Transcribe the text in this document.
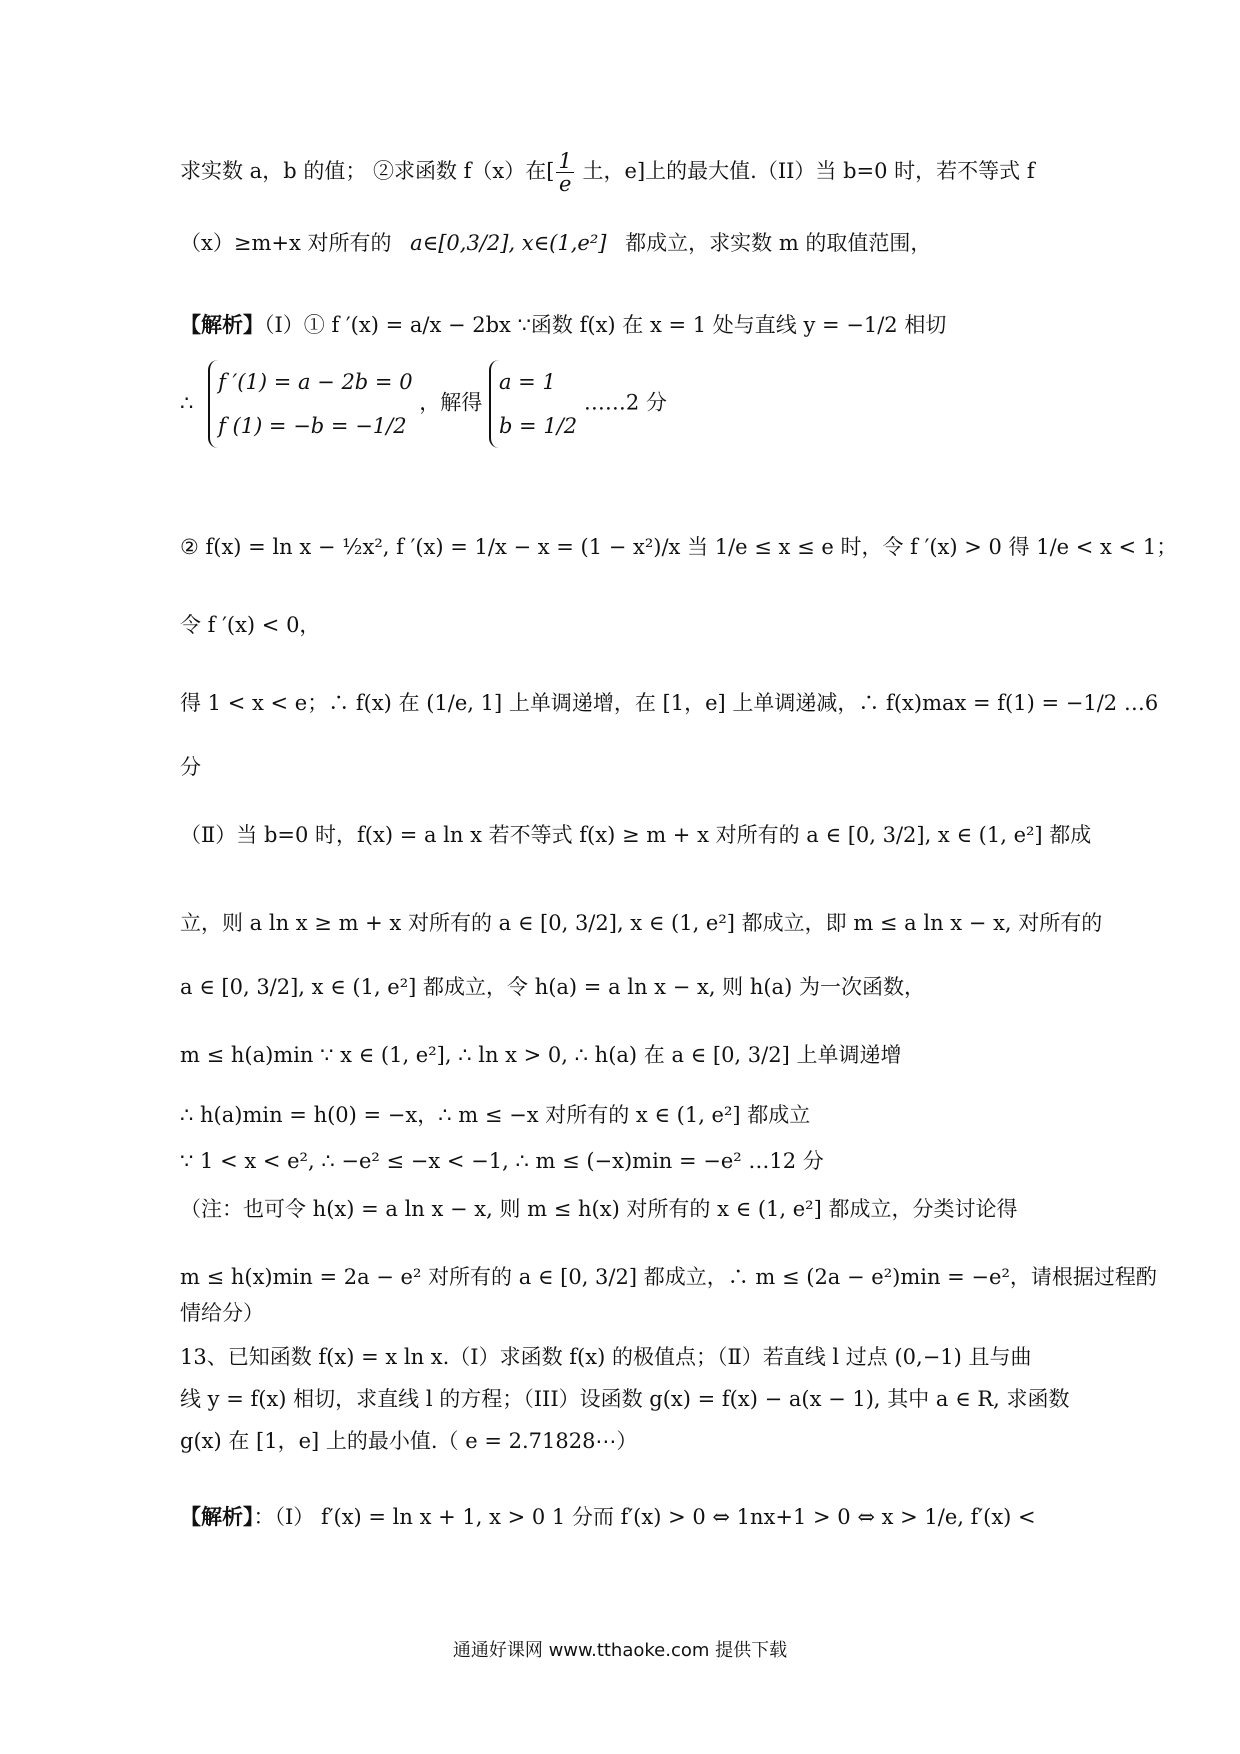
求实数 a，b 的值； ②求函数 f（x）在[ $\frac{1}{e}$ 土，e]上的最大值.（II）当 b=0 时，若不等式 f
（x）≥m+x 对所有的 a∈[0,3/2], x∈(1,e²] 都成立，求实数 m 的取值范围，
【解析】（Ⅰ）① f ′(x) = a/x − 2bx ∵函数 f(x) 在 x = 1 处与直线 y = −1/2 相切
∴
f ′(1) = a − 2b = 0
f (1) = −b = −1/2
，解得
a = 1
b = 1/2
……2 分
② f(x) = ln x − ½x², f ′(x) = 1/x − x = (1 − x²)/x 当 1/e ≤ x ≤ e 时，令 f ′(x) > 0 得 1/e < x < 1；
令 f ′(x) < 0，
得 1 < x < e；∴ f(x) 在 (1/e, 1] 上单调递增，在 [1，e] 上单调递减，∴ f(x)max = f(1) = −1/2 …6
分
（Ⅱ）当 b=0 时，f(x) = a ln x 若不等式 f(x) ≥ m + x 对所有的 a ∈ [0, 3/2], x ∈ (1, e²] 都成
立，则 a ln x ≥ m + x 对所有的 a ∈ [0, 3/2], x ∈ (1, e²] 都成立，即 m ≤ a ln x − x, 对所有的
a ∈ [0, 3/2], x ∈ (1, e²] 都成立，令 h(a) = a ln x − x, 则 h(a) 为一次函数，
m ≤ h(a)min ∵ x ∈ (1, e²], ∴ ln x > 0, ∴ h(a) 在 a ∈ [0, 3/2] 上单调递增
∴ h(a)min = h(0) = −x，∴ m ≤ −x 对所有的 x ∈ (1, e²] 都成立
∵ 1 < x < e², ∴ −e² ≤ −x < −1, ∴ m ≤ (−x)min = −e² …12 分
（注：也可令 h(x) = a ln x − x, 则 m ≤ h(x) 对所有的 x ∈ (1, e²] 都成立，分类讨论得
m ≤ h(x)min = 2a − e² 对所有的 a ∈ [0, 3/2] 都成立，∴ m ≤ (2a − e²)min = −e²，请根据过程酌
情给分）
13、已知函数 f(x) = x ln x.（Ⅰ）求函数 f(x) 的极值点；（Ⅱ）若直线 l 过点 (0,−1) 且与曲
线 y = f(x) 相切，求直线 l 的方程；（III）设函数 g(x) = f(x) − a(x − 1), 其中 a ∈ R, 求函数
g(x) 在 [1，e] 上的最小值.（ e = 2.71828⋯）
【解析】：（Ⅰ） f′(x) = ln x + 1, x > 0 1 分而 f′(x) > 0 ⇔ 1nx+1 > 0 ⇔ x > 1/e, f′(x) <
通通好课网 www.tthaoke.com 提供下载
